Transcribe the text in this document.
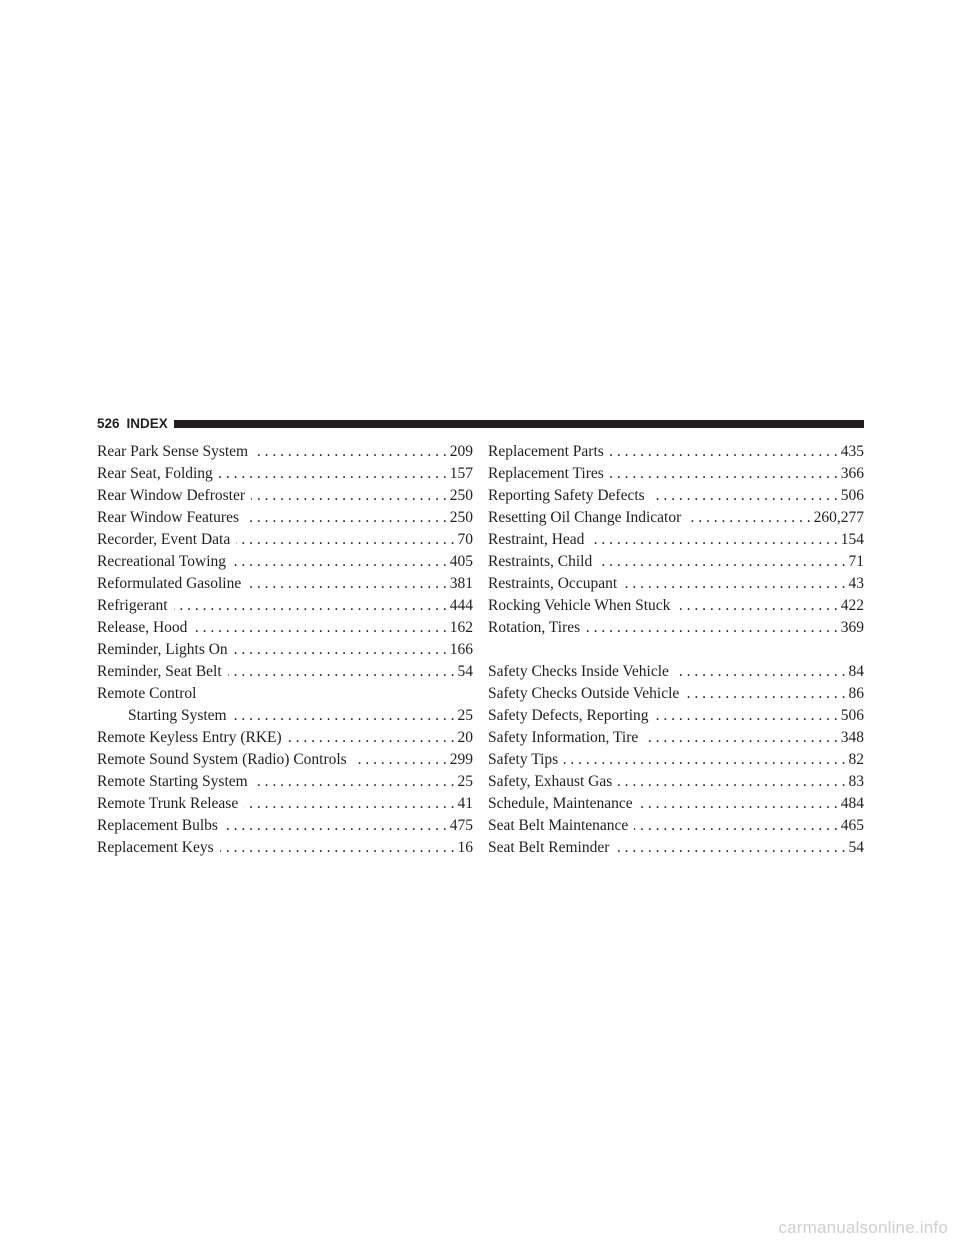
526 INDEX
Rear Park Sense System . . .	209
Rear Seat, Folding . . .	157
Rear Window Defroster . . .	250
Rear Window Features . . .	250
Recorder, Event Data . . .	70
Recreational Towing . . .	405
Reformulated Gasoline . . .	381
Refrigerant . . .	444
Release, Hood . . .	162
Reminder, Lights On . . .	166
Reminder, Seat Belt . . .	54
Remote Control
Starting System . . .	25
Remote Keyless Entry (RKE) . . .	20
Remote Sound System (Radio) Controls . . .	299
Remote Starting System . . .	25
Remote Trunk Release . . .	41
Replacement Bulbs . . .	475
Replacement Keys . . .	16
Replacement Parts . . .	435
Replacement Tires . . .	366
Reporting Safety Defects . . .	506
Resetting Oil Change Indicator . . .	260,277
Restraint, Head . . .	154
Restraints, Child . . .	71
Restraints, Occupant . . .	43
Rocking Vehicle When Stuck . . .	422
Rotation, Tires . . .	369
Safety Checks Inside Vehicle . . .	84
Safety Checks Outside Vehicle . . .	86
Safety Defects, Reporting . . .	506
Safety Information, Tire . . .	348
Safety Tips . . .	82
Safety, Exhaust Gas . . .	83
Schedule, Maintenance . . .	484
Seat Belt Maintenance . . .	465
Seat Belt Reminder . . .	54
carmanualsonline.info
